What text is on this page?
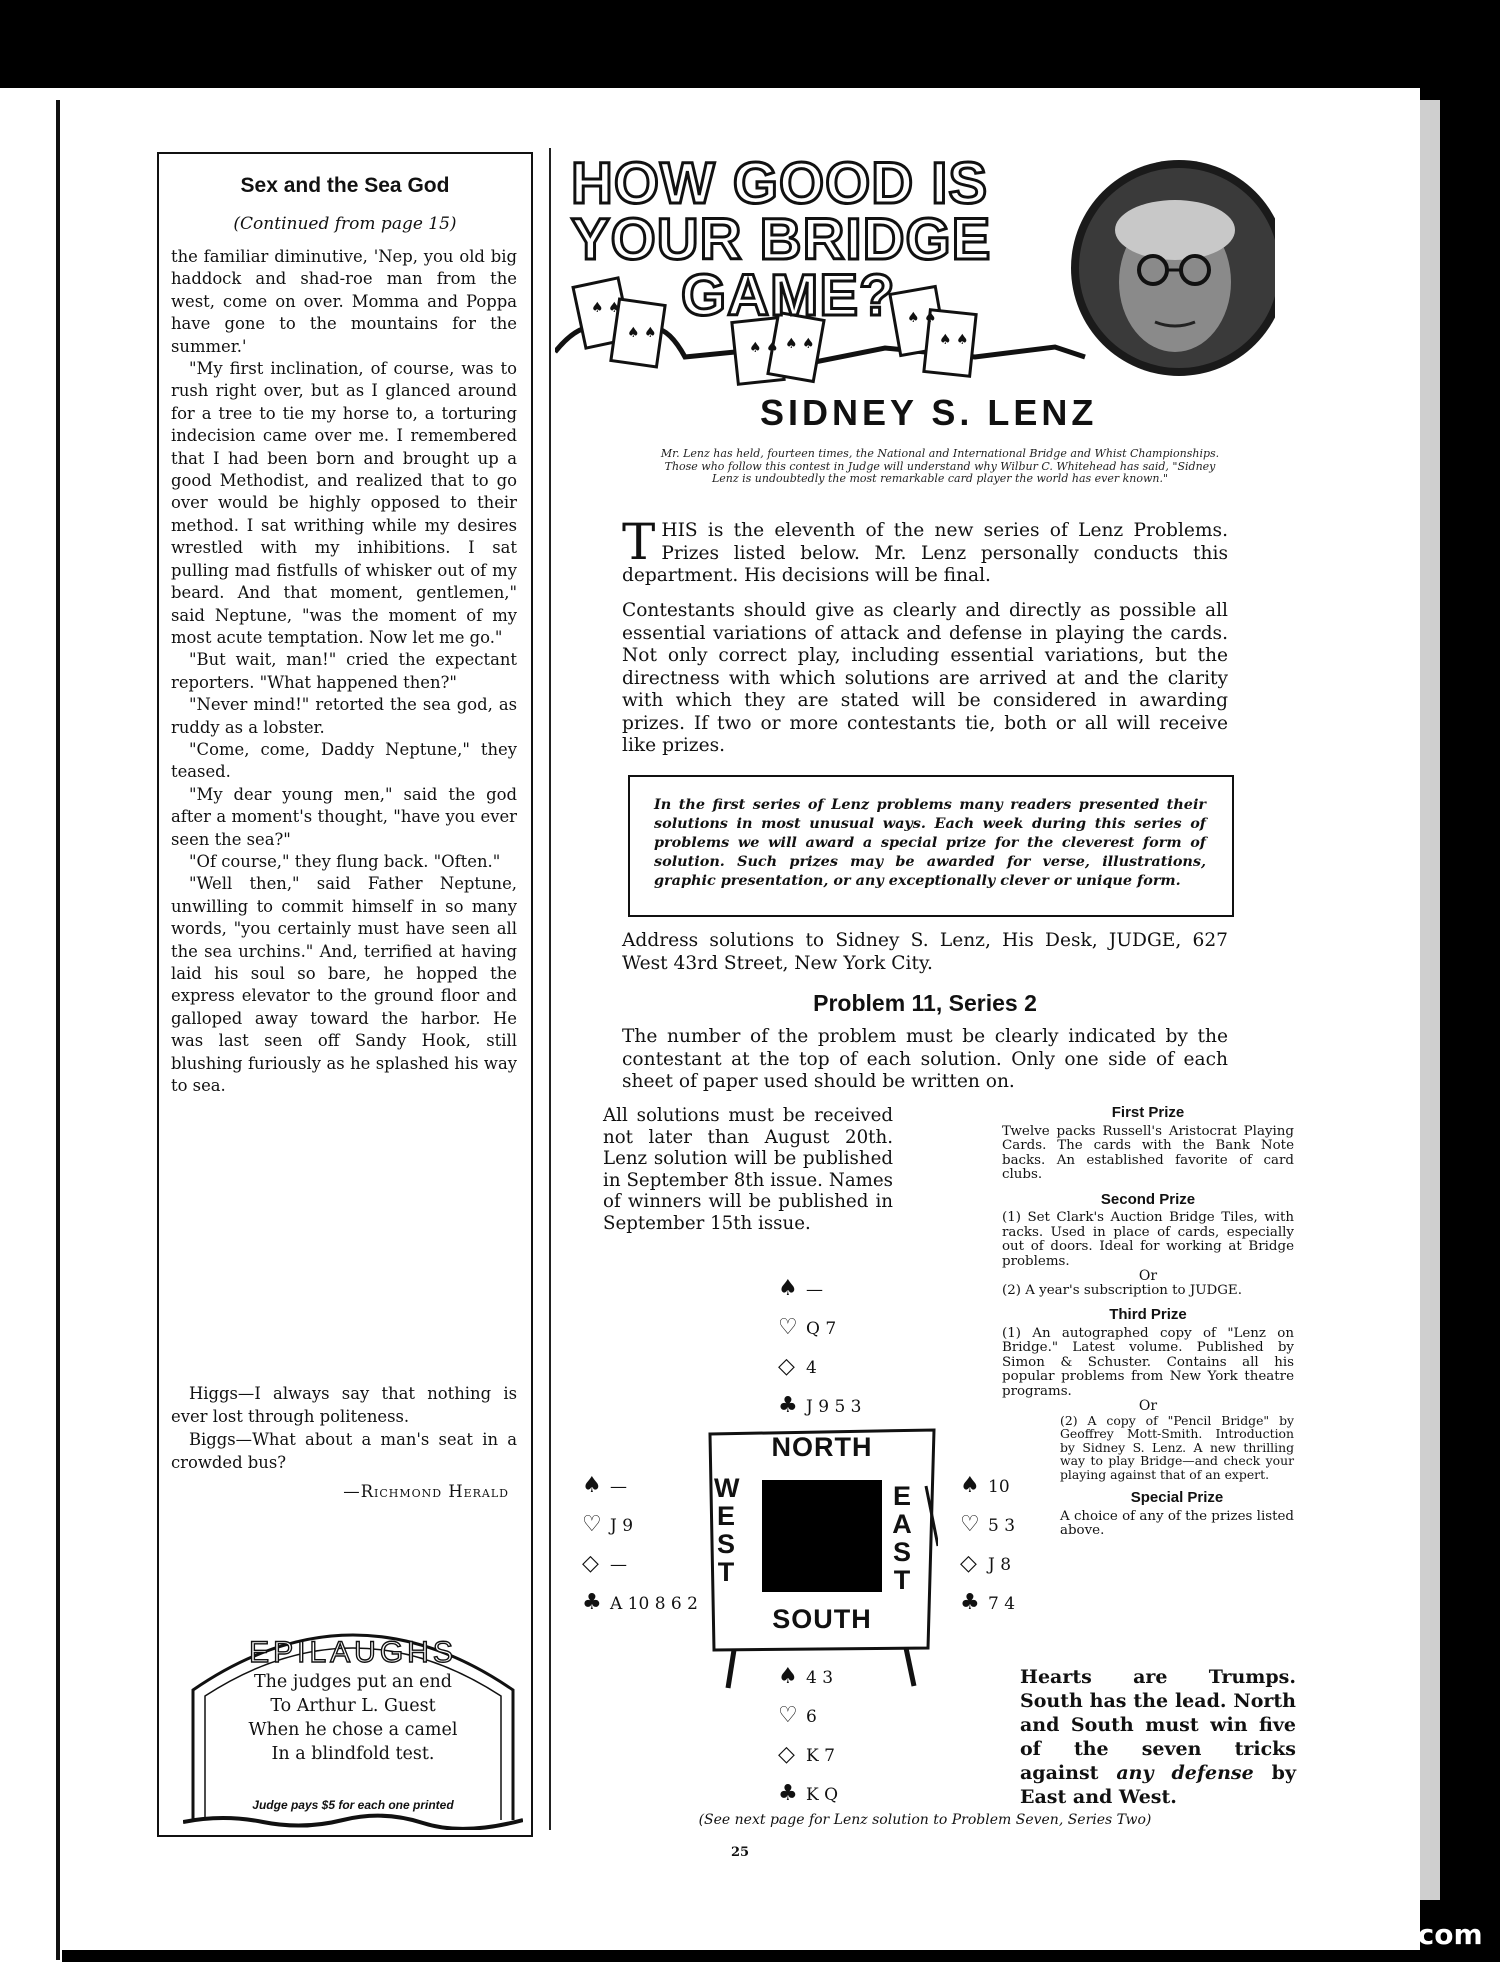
Sex and the Sea God
(Continued from page 15)

the familiar diminutive, 'Nep, you old big haddock and shad-roe man from the west, come on over. Momma and Poppa have gone to the mountains for the summer.'

"My first inclination, of course, was to rush right over, but as I glanced around for a tree to tie my horse to, a torturing indecision came over me. I remembered that I had been born and brought up a good Methodist, and realized that to go over would be highly opposed to their method. I sat writhing while my desires wrestled with my inhibitions. I sat pulling mad fistfulls of whisker out of my beard. And that moment, gentlemen," said Neptune, "was the moment of my most acute temptation. Now let me go."

"But wait, man!" cried the expectant reporters. "What happened then?"

"Never mind!" retorted the sea god, as ruddy as a lobster.

"Come, come, Daddy Neptune," they teased.

"My dear young men," said the god after a moment's thought, "have you ever seen the sea?"

"Of course," they flung back. "Often."

"Well then," said Father Neptune, unwilling to commit himself in so many words, "you certainly must have seen all the sea urchins." And, terrified at having laid his soul so bare, he hopped the express elevator to the ground floor and galloped away toward the harbor. He was last seen off Sandy Hook, still blushing furiously as he splashed his way to sea.

Higgs—I always say that nothing is ever lost through politeness.

Biggs—What about a man's seat in a crowded bus?

—Richmond Herald

EPILAUGHS
The judges put an end
To Arthur L. Guest
When he chose a camel
In a blindfold test.
Judge pays $5 for each one printed
♠ ♠
♠ ♠
♠ ♠ ♠ ♠
♠ ♠
♠ ♠
HOW GOOD IS
YOUR BRIDGE
GAME?
SIDNEY S. LENZ
Mr. Lenz has held, fourteen times, the National and International Bridge and Whist Championships. Those who follow this contest in Judge will understand why Wilbur C. Whitehead has said, "Sidney Lenz is undoubtedly the most remarkable card player the world has ever known."

THIS is the eleventh of the new series of Lenz Problems. Prizes listed below. Mr. Lenz personally conducts this department. His decisions will be final.

Contestants should give as clearly and directly as possible all essential variations of attack and defense in playing the cards. Not only correct play, including essential variations, but the directness with which solutions are arrived at and the clarity with which they are stated will be considered in awarding prizes. If two or more contestants tie, both or all will receive like prizes.

In the first series of Lenz problems many readers presented their solutions in most unusual ways. Each week during this series of problems we will award a special prize for the cleverest form of solution. Such prizes may be awarded for verse, illustrations, graphic presentation, or any exceptionally clever or unique form.
Address solutions to Sidney S. Lenz, His Desk, JUDGE, 627 West 43rd Street, New York City.
Problem 11, Series 2
The number of the problem must be clearly indicated by the contestant at the top of each solution. Only one side of each sheet of paper used should be written on.
All solutions must be received not later than August 20th. Lenz solution will be published in September 8th issue. Names of winners will be published in September 15th issue.
First Prize
Twelve packs Russell's Aristocrat Playing Cards. The cards with the Bank Note backs. An established favorite of card clubs.
Second Prize
(1) Set Clark's Auction Bridge Tiles, with racks. Used in place of cards, especially out of doors. Ideal for working at Bridge problems.
Or
(2) A year's subscription to JUDGE.
Third Prize
(1) An autographed copy of "Lenz on Bridge." Latest volume. Published by Simon & Schuster. Contains all his popular problems from New York theatre programs.
Or
(2) A copy of "Pencil Bridge" by Geoffrey Mott-Smith. Introduction by Sidney S. Lenz. A new thrilling way to play Bridge—and check your playing against that of an expert.
Special Prize
A choice of any of the prizes listed above.
♠ —
♡ Q 7
◇ 4
♣ J 9 5 3
♠ —
♡ J 9
◇ —
♣ A 10 8 6 2
NORTH
W
E
S
T
E
A
S
T
SOUTH
♠ 10
♡ 5 3
◇ J 8
♣ 7 4
♠ 4 3
♡ 6
◇ K 7
♣ K Q
Hearts are Trumps. South has the lead. North and South must win five of the seven tricks against any defense by East and West.
(See next page for Lenz solution to Problem Seven, Series Two)
25
comicbooks.com
